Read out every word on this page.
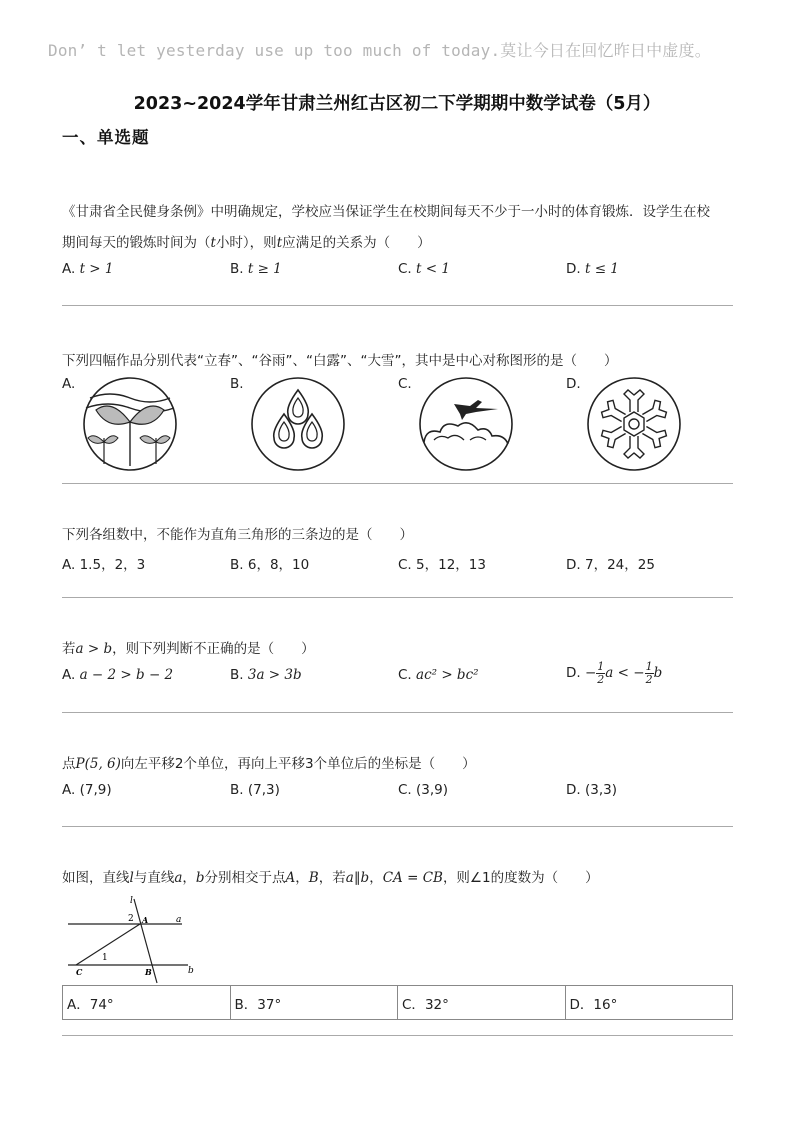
Don’ t let yesterday use up too much of today.莫让今日在回忆昨日中虚度。
2023~2024学年甘肃兰州红古区初二下学期期中数学试卷（5月）
一、单选题
《甘肃省全民健身条例》中明确规定，学校应当保证学生在校期间每天不少于一小时的体育锻炼．设学生在校
期间每天的锻炼时间为（t小时），则t应满足的关系为（　　）
A. t > 1	B. t ≥ 1	C. t < 1	D. t ≤ 1
下列四幅作品分别代表“立春”、“谷雨”、“白露”、“大雪”，其中是中心对称图形的是（　　）
A.	B.	C.	D.
下列各组数中，不能作为直角三角形的三条边的是（　　）
A. 1.5，2，3	B. 6，8，10	C. 5，12，13	D. 7，24，25
若a > b，则下列判断不正确的是（　　）
A. a − 2 > b − 2	B. 3a > 3b	C. ac² > bc²	D. − $\frac{1}{2}$ a < − $\frac{1}{2}$ b
点P(5, 6)向左平移2个单位，再向上平移3个单位后的坐标是（　　）
A. (7,9)	B. (7,3)	C. (3,9)	D. (3,3)
如图，直线l与直线a，b分别相交于点A，B，若a∥b，CA = CB，则∠1的度数为（　　）
l
2 A	a
1
C	B	b
A．74°	B．37°	C．32°	D．16°
